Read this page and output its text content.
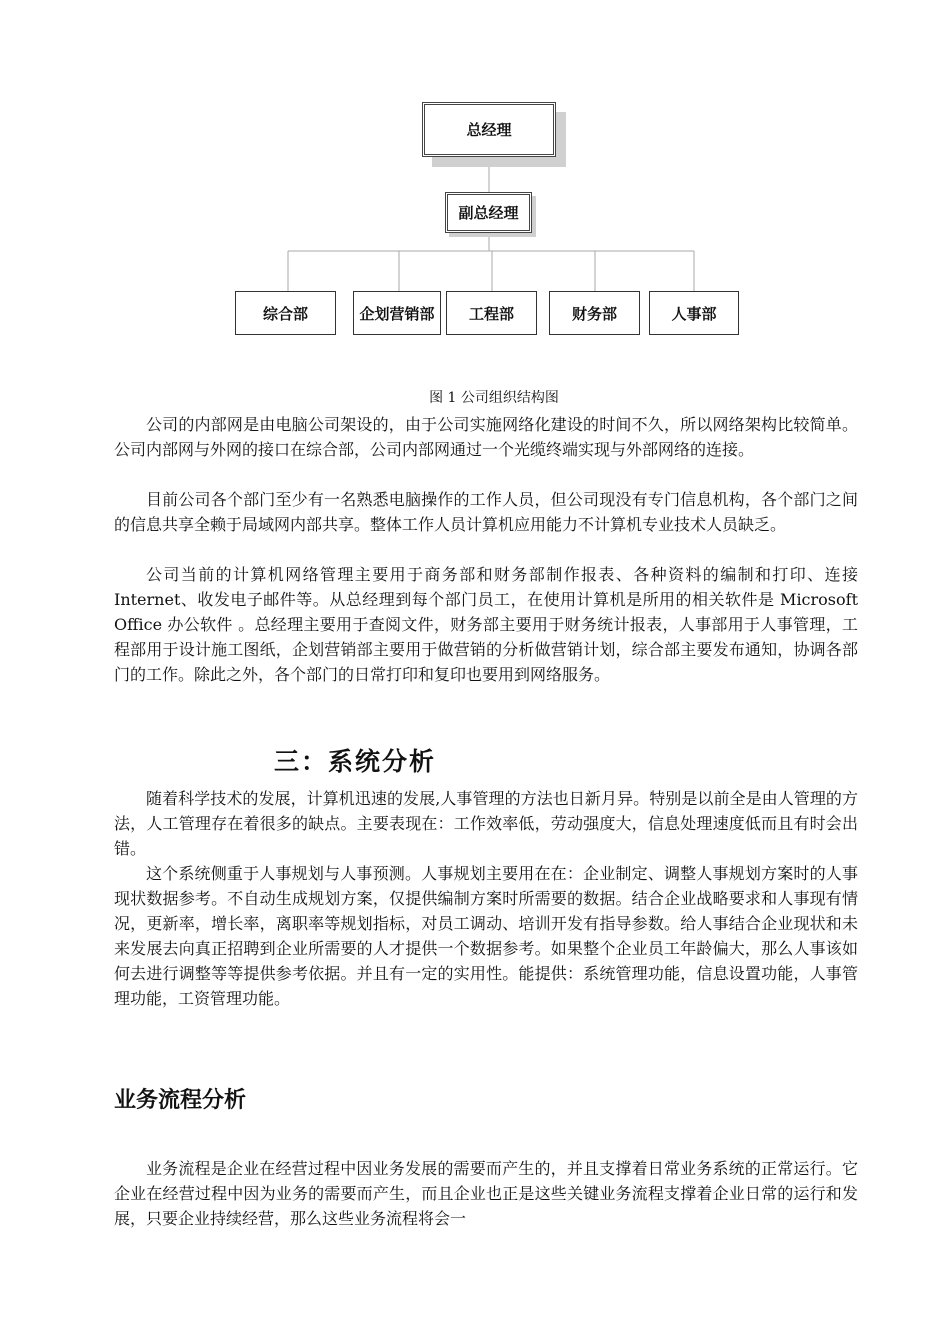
总经理
副总经理
综合部	企划营销部	工程部	财务部	人事部
图 1 公司组织结构图

公司的内部网是由电脑公司架设的，由于公司实施网络化建设的时间不久，所以网络架构比较简单。公司内部网与外网的接口在综合部，公司内部网通过一个光缆终端实现与外部网络的连接。

目前公司各个部门至少有一名熟悉电脑操作的工作人员，但公司现没有专门信息机构，各个部门之间的信息共享全赖于局域网内部共享。整体工作人员计算机应用能力不计算机专业技术人员缺乏。

公司当前的计算机网络管理主要用于商务部和财务部制作报表、各种资料的编制和打印、连接 Internet、收发电子邮件等。从总经理到每个部门员工，在使用计算机是所用的相关软件是 Microsoft Office 办公软件 。总经理主要用于查阅文件，财务部主要用于财务统计报表，人事部用于人事管理，工程部用于设计施工图纸，企划营销部主要用于做营销的分析做营销计划，综合部主要发布通知，协调各部门的工作。除此之外，各个部门的日常打印和复印也要用到网络服务。

三：系统分析

随着科学技术的发展，计算机迅速的发展,人事管理的方法也日新月异。特别是以前全是由人管理的方法，人工管理存在着很多的缺点。主要表现在：工作效率低，劳动强度大，信息处理速度低而且有时会出错。

这个系统侧重于人事规划与人事预测。人事规划主要用在在：企业制定、调整人事规划方案时的人事现状数据参考。不自动生成规划方案，仅提供编制方案时所需要的数据。结合企业战略要求和人事现有情况，更新率，增长率，离职率等规划指标，对员工调动、培训开发有指导参数。给人事结合企业现状和未来发展去向真正招聘到企业所需要的人才提供一个数据参考。如果整个企业员工年龄偏大，那么人事该如何去进行调整等等提供参考依据。并且有一定的实用性。能提供：系统管理功能，信息设置功能，人事管理功能，工资管理功能。

业务流程分析

业务流程是企业在经营过程中因业务发展的需要而产生的，并且支撑着日常业务系统的正常运行。它企业在经营过程中因为业务的需要而产生，而且企业也正是这些关键业务流程支撑着企业日常的运行和发展，只要企业持续经营，那么这些业务流程将会一
